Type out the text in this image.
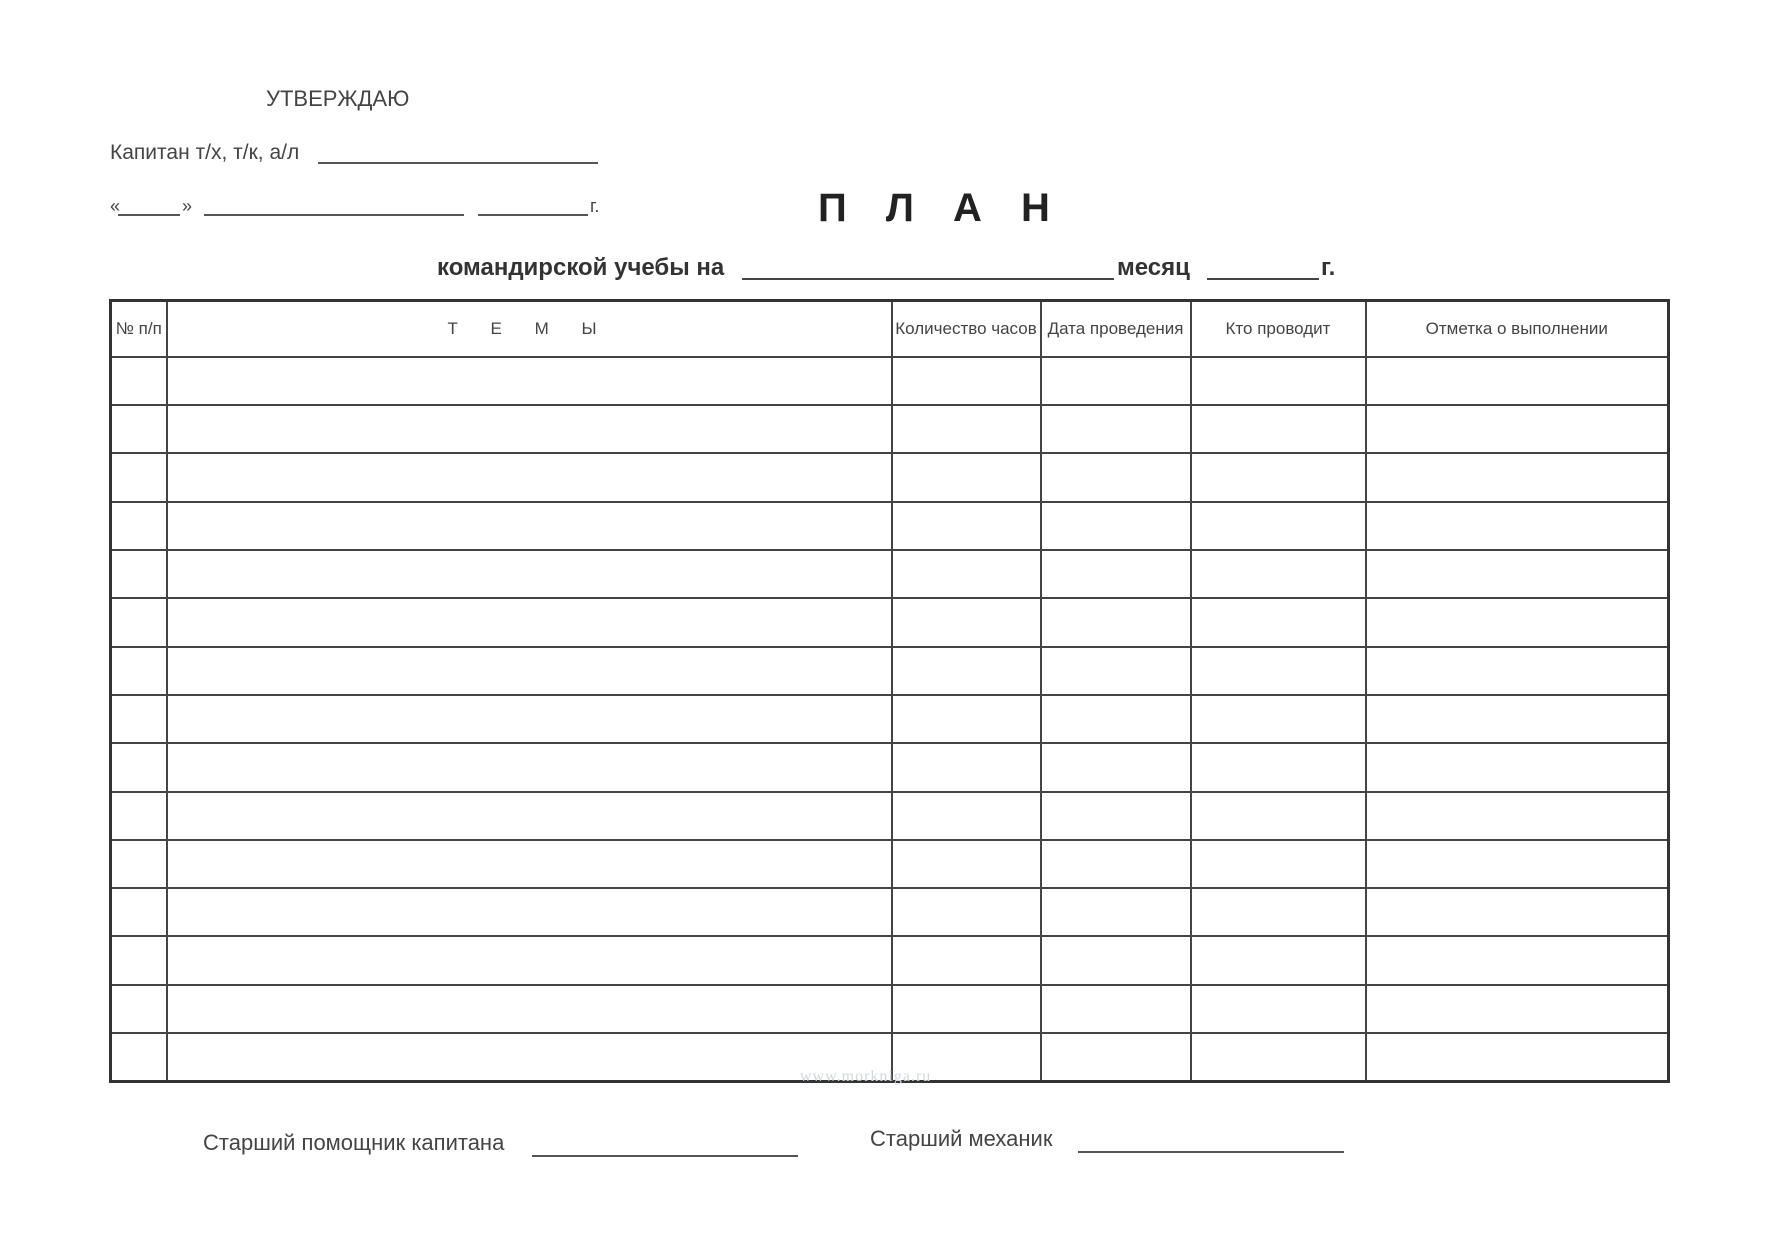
УТВЕРЖДАЮ
Капитан т/х, т/к, а/л
«	»	г.	П Л А Н
командирской учебы на	месяц	г.
№ п/п	Т Е М Ы	Количество часов	Дата проведения	Кто проводит	Отметка о выполнении

www.morkniga.ru
Старший помощник капитана	Старший механик
